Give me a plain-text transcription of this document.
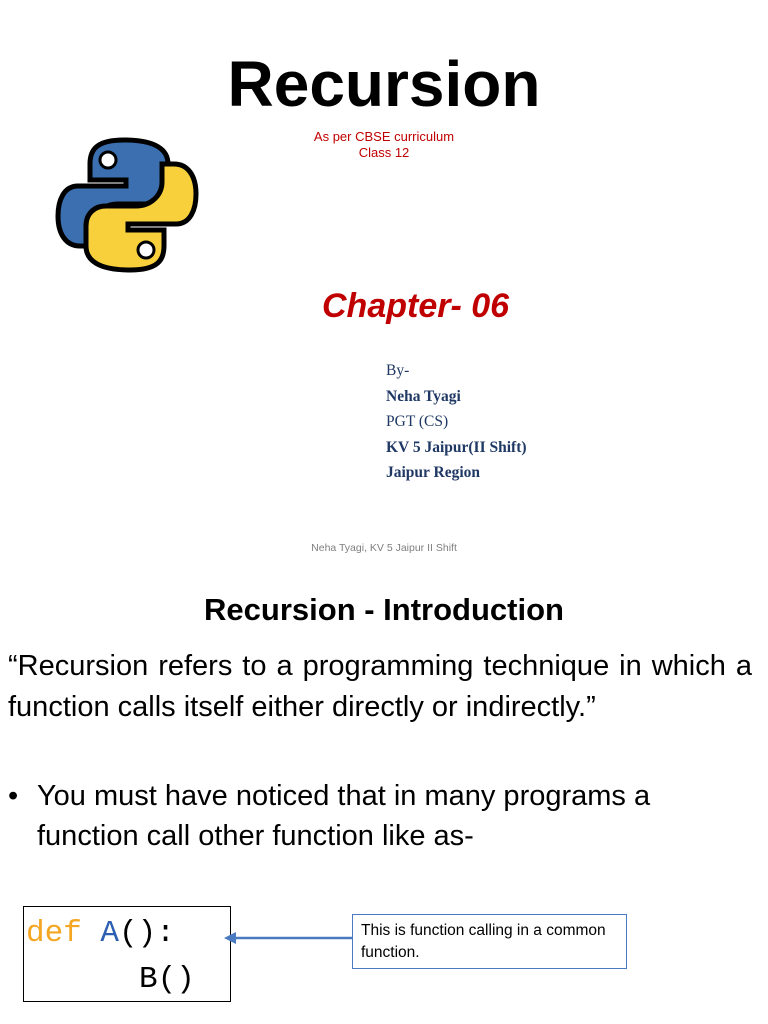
Recursion
As per CBSE curriculum
Class 12
Chapter- 06
By-
Neha Tyagi
PGT (CS)
KV 5 Jaipur(II Shift)
Jaipur Region
Neha Tyagi, KV 5 Jaipur II Shift
Recursion - Introduction

“Recursion refers to a programming technique in which a function calls itself either directly or indirectly.”

• You must have noticed that in many programs a function call other function like as-
def A():
B()
This is function calling in a common function.
